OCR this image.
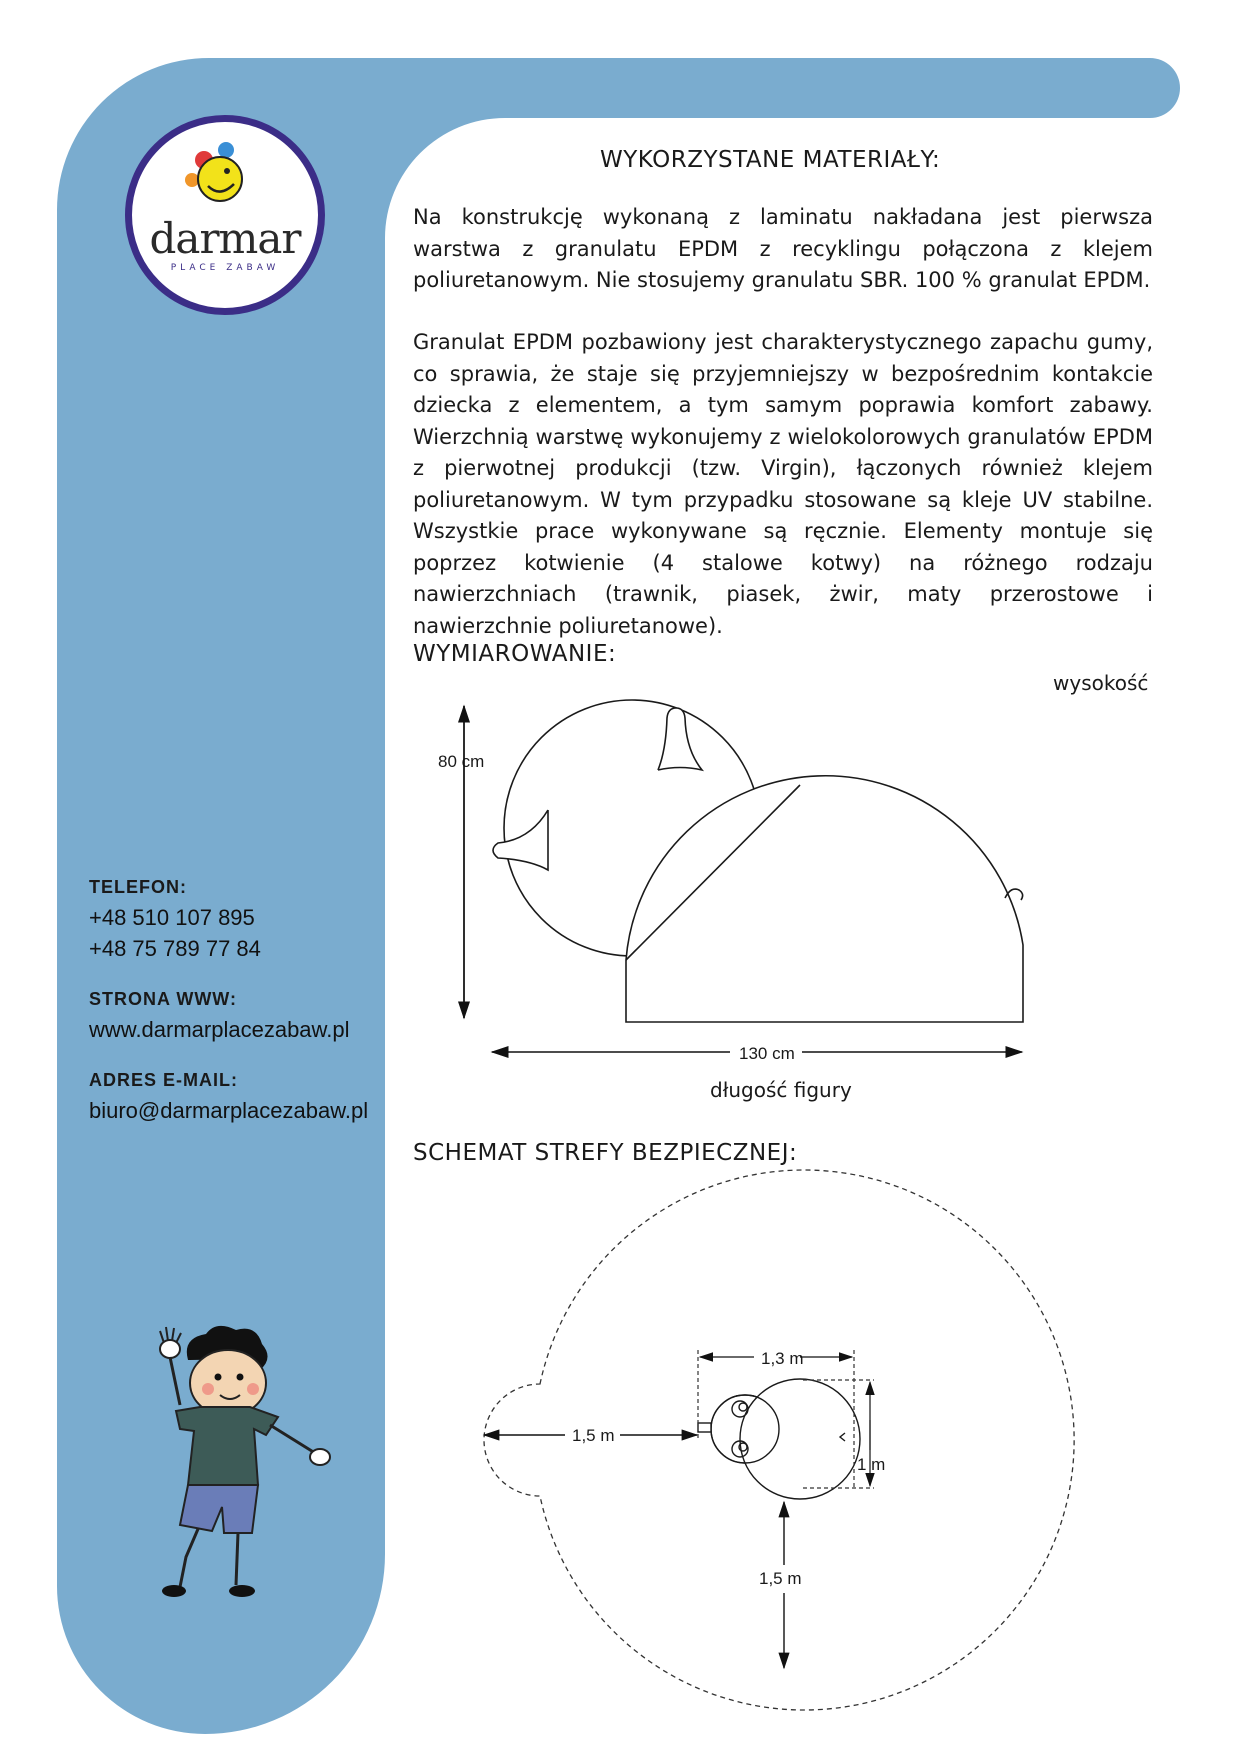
darmar
PLACE ZABAW
TELEFON:
+48 510 107 895
+48 75 789 77 84
STRONA WWW:
www.darmarplacezabaw.pl
ADRES E-MAIL:
biuro@darmarplacezabaw.pl
WYKORZYSTANE MATERIAŁY:

Na konstrukcję wykonaną z laminatu nakładana jest pierwsza warstwa z granulatu EPDM z recyklingu połączona z klejem poliuretanowym. Nie stosujemy granulatu SBR. 100 % granulat EPDM.

Granulat EPDM pozbawiony jest charakterystycznego zapachu gumy, co sprawia, że staje się przyjemniejszy w bezpośrednim kontakcie dziecka z elementem, a tym samym poprawia komfort zabawy. Wierzchnią warstwę wykonujemy z wielokolorowych granulatów EPDM z pierwotnej produkcji (tzw. Virgin), łączonych również klejem poliuretanowym. W tym przypadku stosowane są kleje UV stabilne. Wszystkie prace wykonywane są ręcznie. Elementy montuje się poprzez kotwienie (4 stalowe kotwy) na różnego rodzaju nawierzchniach (trawnik, piasek, żwir, maty przerostowe i nawierzchnie poliuretanowe).

WYMIAROWANIE:
wysokość
80 cm
130 cm
długość figury
SCHEMAT STREFY BEZPIECZNEJ:
1,3 m
1 m
1,5 m
1,5 m
